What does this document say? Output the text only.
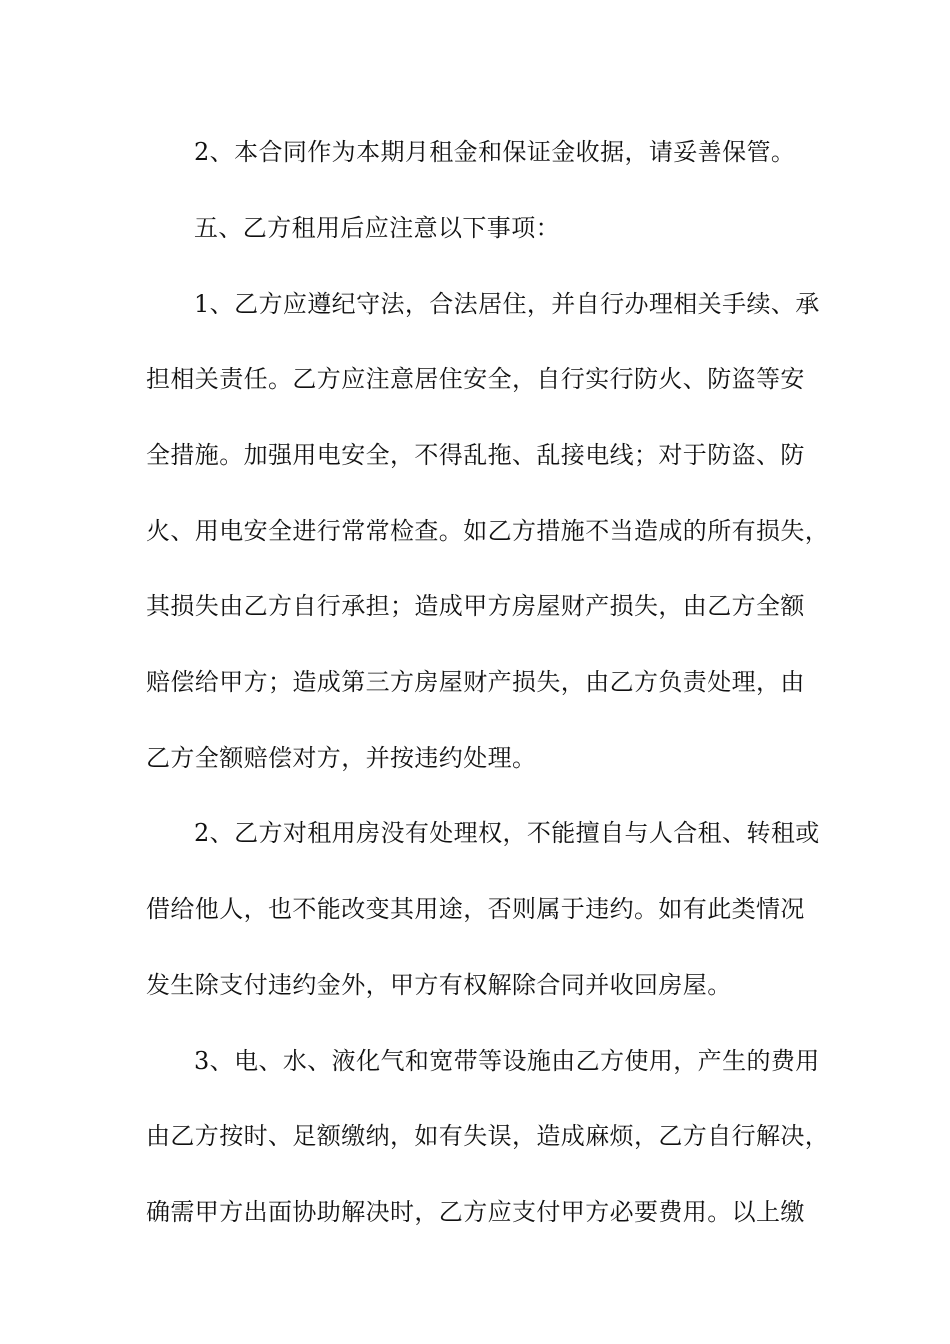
2、本合同作为本期月租金和保证金收据，请妥善保管。
五、乙方租用后应注意以下事项：
1、乙方应遵纪守法，合法居住，并自行办理相关手续、承
担相关责任。乙方应注意居住安全，自行实行防火、防盗等安
全措施。加强用电安全，不得乱拖、乱接电线；对于防盗、防
火、用电安全进行常常检查。如乙方措施不当造成的所有损失，
其损失由乙方自行承担；造成甲方房屋财产损失，由乙方全额
赔偿给甲方；造成第三方房屋财产损失，由乙方负责处理，由
乙方全额赔偿对方，并按违约处理。
2、乙方对租用房没有处理权，不能擅自与人合租、转租或
借给他人，也不能改变其用途，否则属于违约。如有此类情况
发生除支付违约金外，甲方有权解除合同并收回房屋。
3、电、水、液化气和宽带等设施由乙方使用，产生的费用
由乙方按时、足额缴纳，如有失误，造成麻烦，乙方自行解决，
确需甲方出面协助解决时，乙方应支付甲方必要费用。以上缴
